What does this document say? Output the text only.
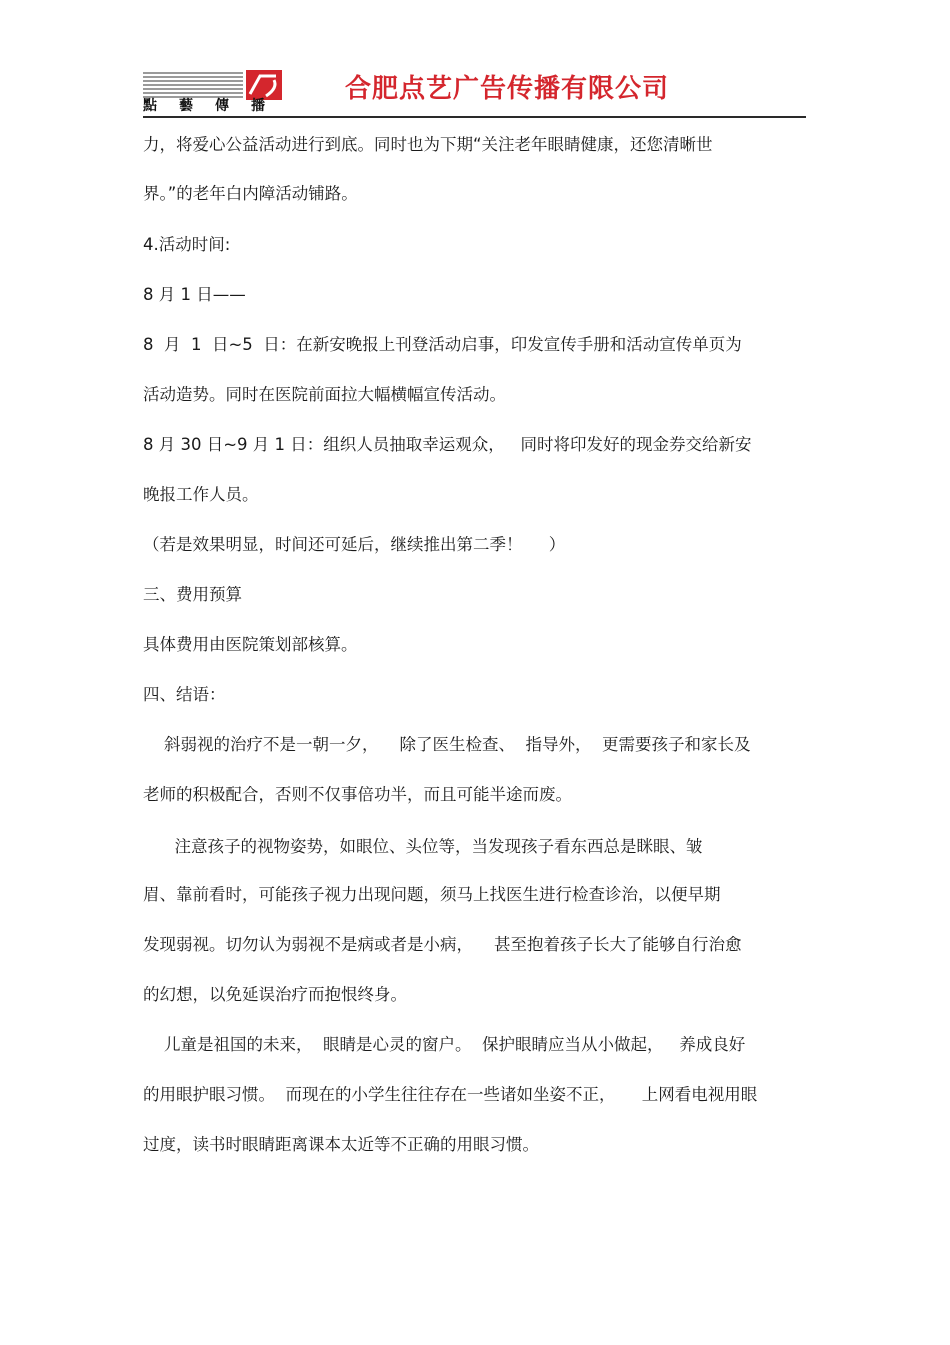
點藝傳播
合肥点艺广告传播有限公司
力，将爱心公益活动进行到底。同时也为下期“关注老年眼睛健康，还您清晰世
界。”的老年白内障活动铺路。
4.活动时间:
8 月 1 日——
8  月  1  日~5  日：在新安晚报上刊登活动启事，印发宣传手册和活动宣传单页为
活动造势。同时在医院前面拉大幅横幅宣传活动。
8 月 30 日~9 月 1 日：组织人员抽取幸运观众，   同时将印发好的现金券交给新安
晚报工作人员。
（若是效果明显，时间还可延后，继续推出第二季！     ）
三、费用预算
具体费用由医院策划部核算。
四、结语：
斜弱视的治疗不是一朝一夕，    除了医生检查、  指导外，  更需要孩子和家长及
老师的积极配合，否则不仅事倍功半，而且可能半途而废。
注意孩子的视物姿势，如眼位、头位等，当发现孩子看东西总是眯眼、皱
眉、靠前看时，可能孩子视力出现问题，须马上找医生进行检查诊治，以便早期
发现弱视。切勿认为弱视不是病或者是小病，    甚至抱着孩子长大了能够自行治愈
的幻想，以免延误治疗而抱恨终身。
儿童是祖国的未来，  眼睛是心灵的窗户。  保护眼睛应当从小做起，   养成良好
的用眼护眼习惯。  而现在的小学生往往存在一些诸如坐姿不正，     上网看电视用眼
过度，读书时眼睛距离课本太近等不正确的用眼习惯。
